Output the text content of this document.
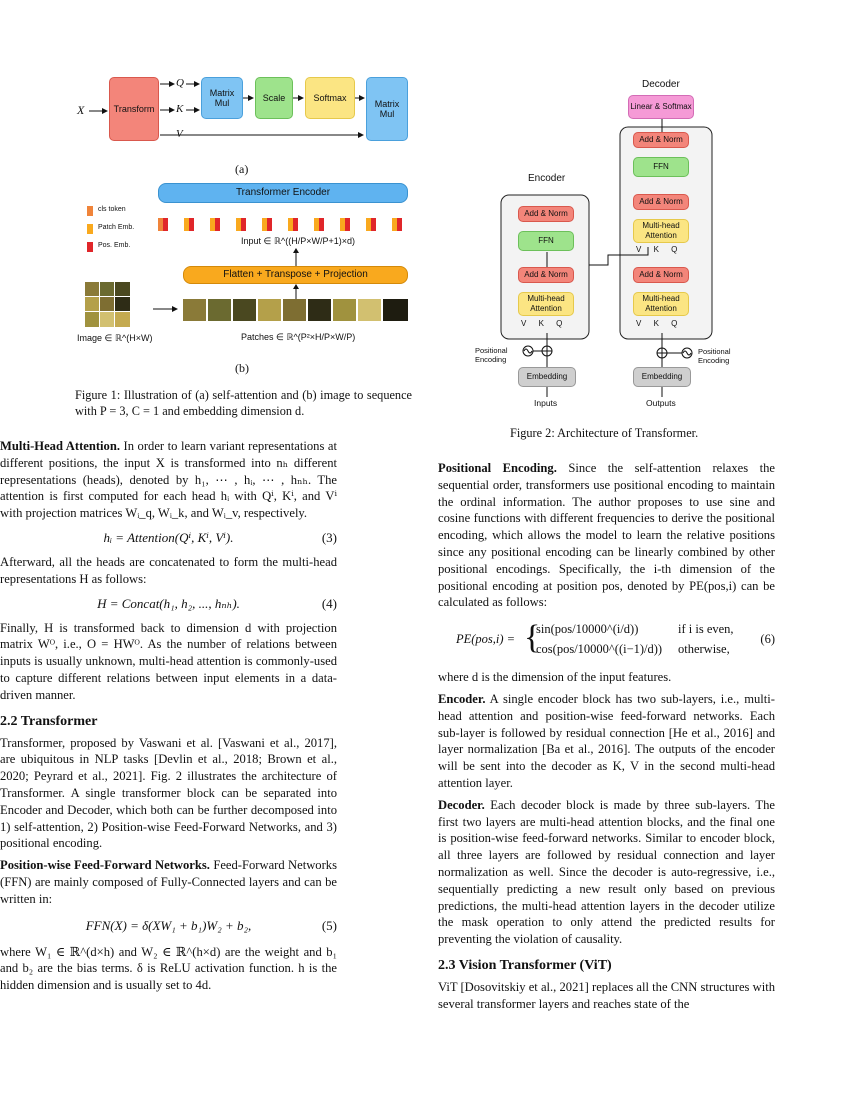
X	Transform
Q
K
V
Matrix Mul	Scale	Softmax
Matrix Mul
(a)
Transformer Encoder
cls token
Patch Emb.
Pos. Emb.	Input ∈ ℝ^((H/P×W/P+1)×d)
Flatten + Transpose + Projection
Image ∈ ℝ^(H×W)	Patches ∈ ℝ^(P²×H/P×W/P)
(b)
Figure 1: Illustration of (a) self-attention and (b) image to sequence with P = 3, C = 1 and embedding dimension d.
Decoder
Linear & Softmax
Encoder
Add & Norm
FFN
Add & Norm
Multi-head Attention
V K Q
Add & Norm
Multi-head Attention
V K Q
Add & Norm
FFN
Add & Norm
Multi-head Attention
V K Q
Positional Encoding
Positional Encoding
Embedding	Embedding
Inputs	Outputs
Figure 2: Architecture of Transformer.

Multi-Head Attention. In order to learn variant representations at different positions, the input X is transformed into nₕ different representations (heads), denoted by h₁, ⋯ , hᵢ, ⋯ , hₙₕ. The attention is first computed for each head hᵢ with Qⁱ, Kⁱ, and Vⁱ with projection matrices Wᵢ_q, Wᵢ_k, and Wᵢ_v, respectively.

hᵢ = Attention(Qⁱ, Kⁱ, Vⁱ).	(3)

Afterward, all the heads are concatenated to form the multi-head representations H as follows:

H = Concat(h₁, h₂, ..., hₙₕ).	(4)

Finally, H is transformed back to dimension d with projection matrix Wᴼ, i.e., O = HWᴼ. As the number of relations between inputs is usually unknown, multi-head attention is commonly-used to capture different relations between input elements in a data-driven manner.

2.2 Transformer

Transformer, proposed by Vaswani et al. [Vaswani et al., 2017], are ubiquitous in NLP tasks [Devlin et al., 2018; Brown et al., 2020; Peyrard et al., 2021]. Fig. 2 illustrates the architecture of Transformer. A single transformer block can be separated into Encoder and Decoder, which both can be further decomposed into 1) self-attention, 2) Position-wise Feed-Forward Networks, and 3) positional encoding.

Position-wise Feed-Forward Networks. Feed-Forward Networks (FFN) are mainly composed of Fully-Connected layers and can be written in:

FFN(X) = δ(XW₁ + b₁)W₂ + b₂,	(5)

where W₁ ∈ ℝ^(d×h) and W₂ ∈ ℝ^(h×d) are the weight and b₁ and b₂ are the bias terms. δ is ReLU activation function. h is the hidden dimension and is usually set to 4d.

Positional Encoding. Since the self-attention relaxes the sequential order, transformers use positional encoding to maintain the ordinal information. The author proposes to use sine and cosine functions with different frequencies to derive the positional encoding, which allows the model to learn the relative positions since any positional encoding can be linearly combined by other positional encodings. Specifically, the i-th dimension of the positional encoding at position pos, denoted by PE(pos,i) can be calculated as follows:

PE(pos,i) = {
sin(pos/10000^(i/d))	if i is even,
cos(pos/10000^((i−1)/d)) otherwise,
(6)

where d is the dimension of the input features.

Encoder. A single encoder block has two sub-layers, i.e., multi-head attention and position-wise feed-forward networks. Each sub-layer is followed by residual connection [He et al., 2016] and layer normalization [Ba et al., 2016]. The outputs of the encoder will be sent into the decoder as K, V in the second multi-head attention layer.

Decoder. Each decoder block is made by three sub-layers. The first two layers are multi-head attention blocks, and the final one is position-wise feed-forward networks. Similar to encoder block, all three layers are followed by residual connection and layer normalization as well. Since the decoder is auto-regressive, i.e., sequentially predicting a new result only based on previous predictions, the multi-head attention layers in the decoder utilize the mask operation to only attend the predicted results for preventing the violation of causality.

2.3 Vision Transformer (ViT)

ViT [Dosovitskiy et al., 2021] replaces all the CNN structures with several transformer layers and reaches state of the
